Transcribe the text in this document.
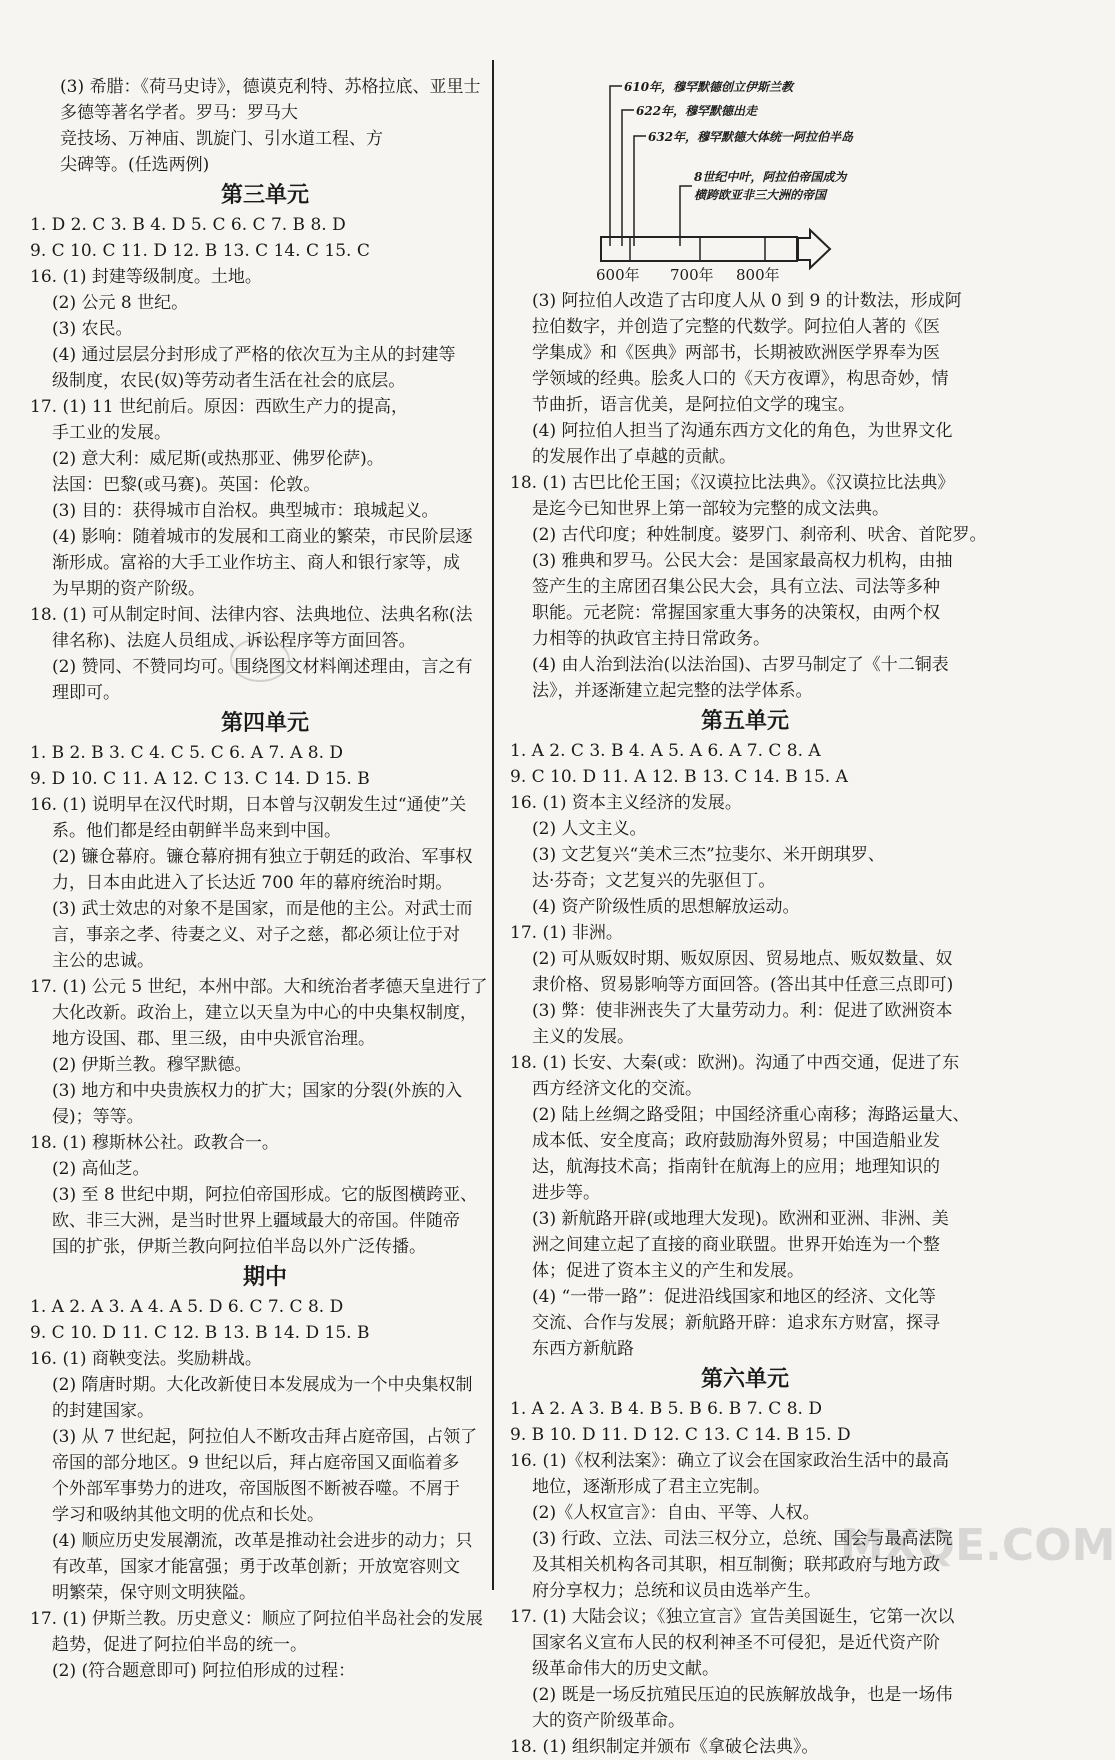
MXQE.COM
(3) 希腊：《荷马史诗》，德谟克利特、苏格拉底、亚里士
多德等著名学者。罗马：罗马大
竞技场、万神庙、凯旋门、引水道工程、方
尖碑等。(任选两例)
第三单元
1. D 2. C 3. B 4. D 5. C 6. C 7. B 8. D
9. C 10. C 11. D 12. B 13. C 14. C 15. C
16. (1) 封建等级制度。土地。
(2) 公元 8 世纪。
(3) 农民。
(4) 通过层层分封形成了严格的依次互为主从的封建等
级制度，农民(奴)等劳动者生活在社会的底层。
17. (1) 11 世纪前后。原因：西欧生产力的提高，
手工业的发展。
(2) 意大利：威尼斯(或热那亚、佛罗伦萨)。
法国：巴黎(或马赛)。英国：伦敦。
(3) 目的：获得城市自治权。典型城市：琅城起义。
(4) 影响：随着城市的发展和工商业的繁荣，市民阶层逐
渐形成。富裕的大手工业作坊主、商人和银行家等，成
为早期的资产阶级。
18. (1) 可从制定时间、法律内容、法典地位、法典名称(法
律名称)、法庭人员组成、诉讼程序等方面回答。
(2) 赞同、不赞同均可。围绕图文材料阐述理由，言之有
理即可。
第四单元
1. B 2. B 3. C 4. C 5. C 6. A 7. A 8. D
9. D 10. C 11. A 12. C 13. C 14. D 15. B
16. (1) 说明早在汉代时期，日本曾与汉朝发生过“通使”关
系。他们都是经由朝鲜半岛来到中国。
(2) 镰仓幕府。镰仓幕府拥有独立于朝廷的政治、军事权
力，日本由此进入了长达近 700 年的幕府统治时期。
(3) 武士效忠的对象不是国家，而是他的主公。对武士而
言，事亲之孝、待妻之义、对子之慈，都必须让位于对
主公的忠诚。
17. (1) 公元 5 世纪，本州中部。大和统治者孝德天皇进行了
大化改新。政治上，建立以天皇为中心的中央集权制度，
地方设国、郡、里三级，由中央派官治理。
(2) 伊斯兰教。穆罕默德。
(3) 地方和中央贵族权力的扩大；国家的分裂(外族的入
侵)；等等。
18. (1) 穆斯林公社。政教合一。
(2) 高仙芝。
(3) 至 8 世纪中期，阿拉伯帝国形成。它的版图横跨亚、
欧、非三大洲，是当时世界上疆域最大的帝国。伴随帝
国的扩张，伊斯兰教向阿拉伯半岛以外广泛传播。
期中
1. A 2. A 3. A 4. A 5. D 6. C 7. C 8. D
9. C 10. D 11. C 12. B 13. B 14. D 15. B
16. (1) 商鞅变法。奖励耕战。
(2) 隋唐时期。大化改新使日本发展成为一个中央集权制
的封建国家。
(3) 从 7 世纪起，阿拉伯人不断攻击拜占庭帝国，占领了
帝国的部分地区。9 世纪以后，拜占庭帝国又面临着多
个外部军事势力的进攻，帝国版图不断被吞噬。不屑于
学习和吸纳其他文明的优点和长处。
(4) 顺应历史发展潮流，改革是推动社会进步的动力；只
有改革，国家才能富强；勇于改革创新；开放宽容则文
明繁荣，保守则文明狭隘。
17. (1) 伊斯兰教。历史意义：顺应了阿拉伯半岛社会的发展
趋势，促进了阿拉伯半岛的统一。
(2) (符合题意即可) 阿拉伯形成的过程：
610年，穆罕默德创立伊斯兰教
622年，穆罕默德出走
632年，穆罕默德大体统一阿拉伯半岛
8世纪中叶，阿拉伯帝国成为
横跨欧亚非三大洲的帝国
600年 700年 800年
(3) 阿拉伯人改造了古印度人从 0 到 9 的计数法，形成阿
拉伯数字，并创造了完整的代数学。阿拉伯人著的《医
学集成》和《医典》两部书，长期被欧洲医学界奉为医
学领域的经典。脍炙人口的《天方夜谭》，构思奇妙，情
节曲折，语言优美，是阿拉伯文学的瑰宝。
(4) 阿拉伯人担当了沟通东西方文化的角色，为世界文化
的发展作出了卓越的贡献。
18. (1) 古巴比伦王国；《汉谟拉比法典》。《汉谟拉比法典》
是迄今已知世界上第一部较为完整的成文法典。
(2) 古代印度；种姓制度。婆罗门、刹帝利、吠舍、首陀罗。
(3) 雅典和罗马。公民大会：是国家最高权力机构，由抽
签产生的主席团召集公民大会，具有立法、司法等多种
职能。元老院：常握国家重大事务的决策权，由两个权
力相等的执政官主持日常政务。
(4) 由人治到法治(以法治国)、古罗马制定了《十二铜表
法》，并逐渐建立起完整的法学体系。
第五单元
1. A 2. C 3. B 4. A 5. A 6. A 7. C 8. A
9. C 10. D 11. A 12. B 13. C 14. B 15. A
16. (1) 资本主义经济的发展。
(2) 人文主义。
(3) 文艺复兴“美术三杰”拉斐尔、米开朗琪罗、
达·芬奇；文艺复兴的先驱但丁。
(4) 资产阶级性质的思想解放运动。
17. (1) 非洲。
(2) 可从贩奴时期、贩奴原因、贸易地点、贩奴数量、奴
隶价格、贸易影响等方面回答。(答出其中任意三点即可)
(3) 弊：使非洲丧失了大量劳动力。利：促进了欧洲资本
主义的发展。
18. (1) 长安、大秦(或：欧洲)。沟通了中西交通，促进了东
西方经济文化的交流。
(2) 陆上丝绸之路受阻；中国经济重心南移；海路运量大、
成本低、安全度高；政府鼓励海外贸易；中国造船业发
达，航海技术高；指南针在航海上的应用；地理知识的
进步等。
(3) 新航路开辟(或地理大发现)。欧洲和亚洲、非洲、美
洲之间建立起了直接的商业联盟。世界开始连为一个整
体；促进了资本主义的产生和发展。
(4) “一带一路”：促进沿线国家和地区的经济、文化等
交流、合作与发展；新航路开辟：追求东方财富，探寻
东西方新航路
第六单元
1. A 2. A 3. B 4. B 5. B 6. B 7. C 8. D
9. B 10. D 11. D 12. C 13. C 14. B 15. D
16. (1)《权利法案》：确立了议会在国家政治生活中的最高
地位，逐渐形成了君主立宪制。
(2)《人权宣言》：自由、平等、人权。
(3) 行政、立法、司法三权分立，总统、国会与最高法院
及其相关机构各司其职，相互制衡；联邦政府与地方政
府分享权力；总统和议员由选举产生。
17. (1) 大陆会议；《独立宣言》宣告美国诞生，它第一次以
国家名义宣布人民的权利神圣不可侵犯，是近代资产阶
级革命伟大的历史文献。
(2) 既是一场反抗殖民压迫的民族解放战争，也是一场伟
大的资产阶级革命。
18. (1) 组织制定并颁布《拿破仑法典》。
